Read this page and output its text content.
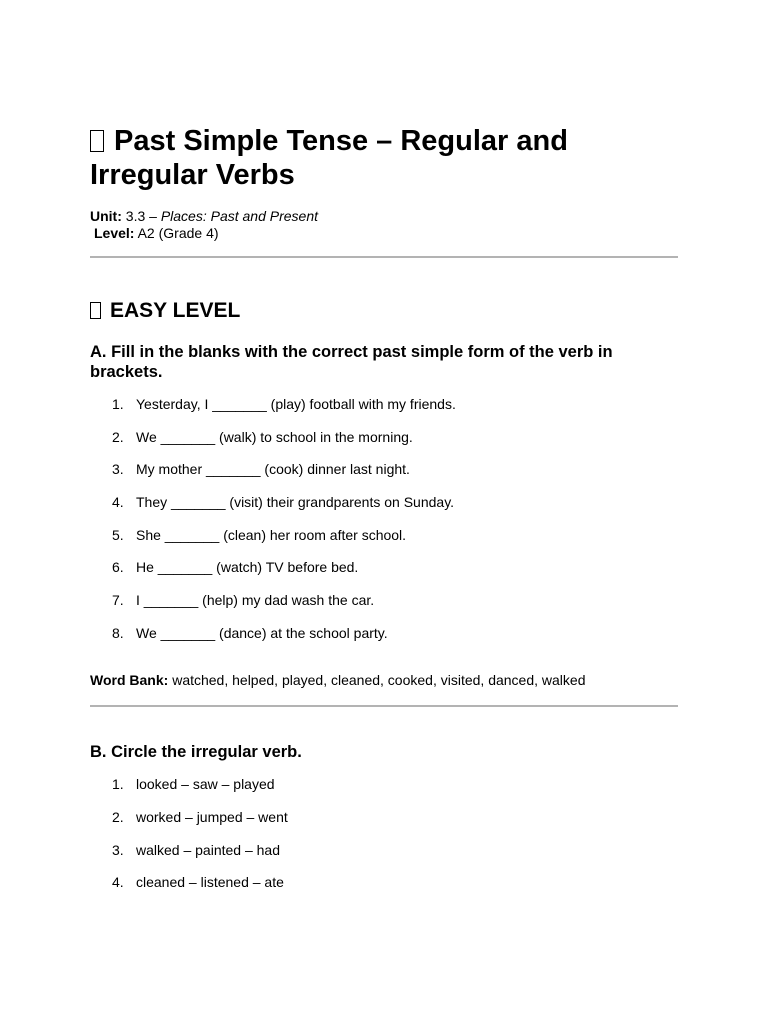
Past Simple Tense – Regular and Irregular Verbs
Unit: 3.3 – Places: Past and Present
Level: A2 (Grade 4)
EASY LEVEL
A. Fill in the blanks with the correct past simple form of the verb in brackets.
1. Yesterday, I _______ (play) football with my friends.
2. We _______ (walk) to school in the morning.
3. My mother _______ (cook) dinner last night.
4. They _______ (visit) their grandparents on Sunday.
5. She _______ (clean) her room after school.
6. He _______ (watch) TV before bed.
7. I _______ (help) my dad wash the car.
8. We _______ (dance) at the school party.
Word Bank: watched, helped, played, cleaned, cooked, visited, danced, walked
B. Circle the irregular verb.
1. looked – saw – played
2. worked – jumped – went
3. walked – painted – had
4. cleaned – listened – ate
